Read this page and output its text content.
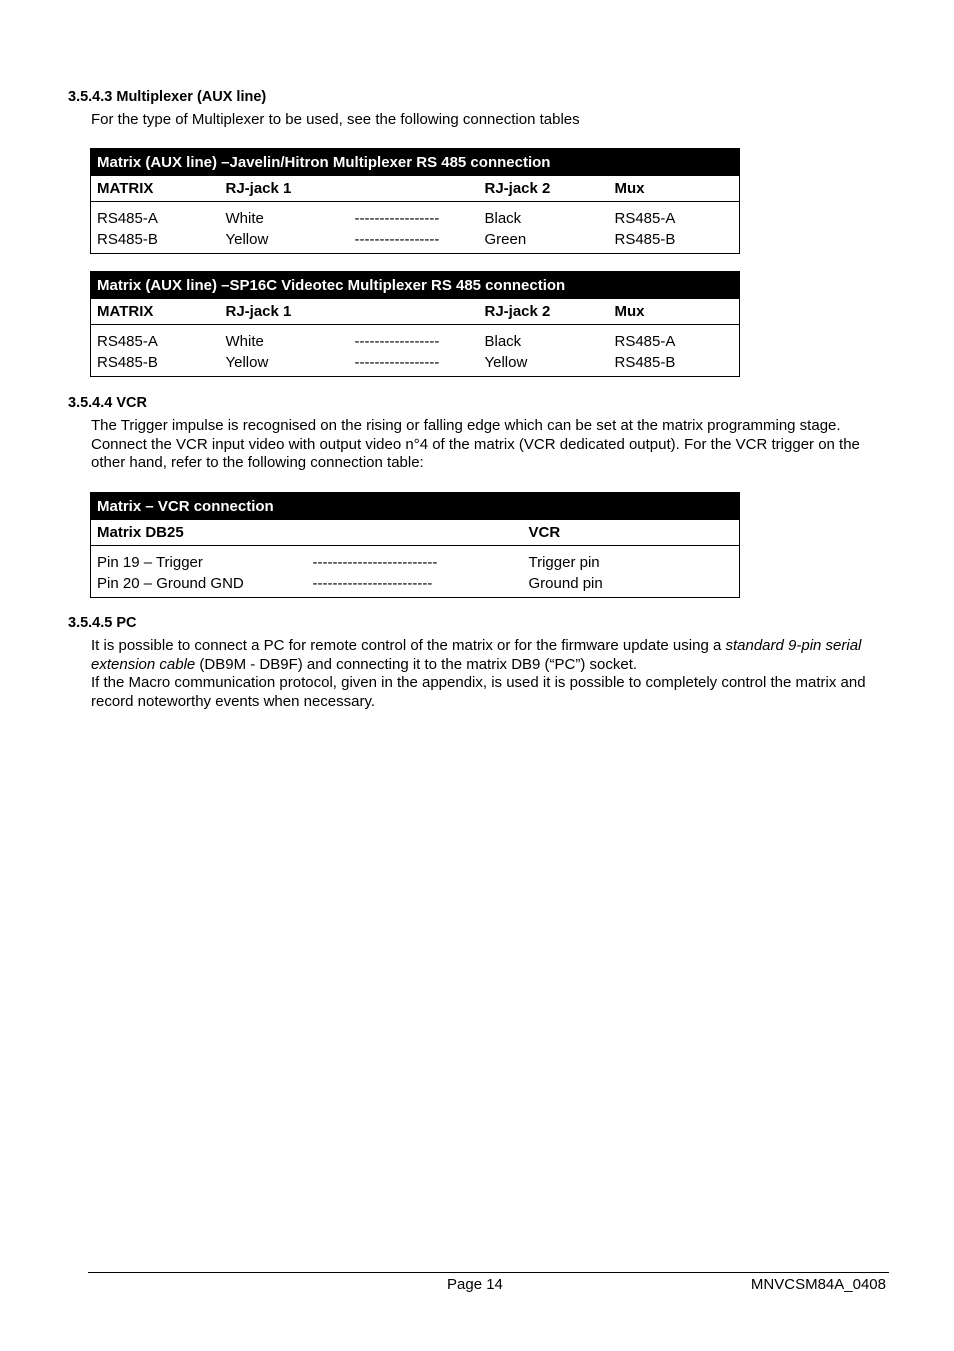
3.5.4.3 Multiplexer (AUX line)

For the type of Multiplexer to be used, see the following connection tables

Matrix (AUX line) –Javelin/Hitron Multiplexer RS 485 connection				
MATRIX	RJ-jack 1		RJ-jack 2	Mux
RS485-A	White	-----------------	Black	RS485-A
RS485-B	Yellow	-----------------	Green	RS485-B
Matrix (AUX line) –SP16C Videotec Multiplexer RS 485 connection				
MATRIX	RJ-jack 1		RJ-jack 2	Mux
RS485-A	White	-----------------	Black	RS485-A
RS485-B	Yellow	-----------------	Yellow	RS485-B
3.5.4.4 VCR

The Trigger impulse is recognised on the rising or falling edge which can be set at the matrix programming stage. Connect the VCR input video with output video n°4 of the matrix (VCR dedicated output). For the VCR trigger on the other hand, refer to the following connection table:

Matrix – VCR connection		
Matrix DB25		VCR
Pin 19 – Trigger	-------------------------	Trigger pin
Pin 20 – Ground GND	------------------------	Ground pin
3.5.4.5 PC

It is possible to connect a PC for remote control of the matrix or for the firmware update using a standard 9-pin serial extension cable (DB9M - DB9F) and connecting it to the matrix DB9 (“PC”) socket.

If the Macro communication protocol, given in the appendix, is used it is possible to completely control the matrix and record noteworthy events when necessary.

Page 14	MNVCSM84A_0408
